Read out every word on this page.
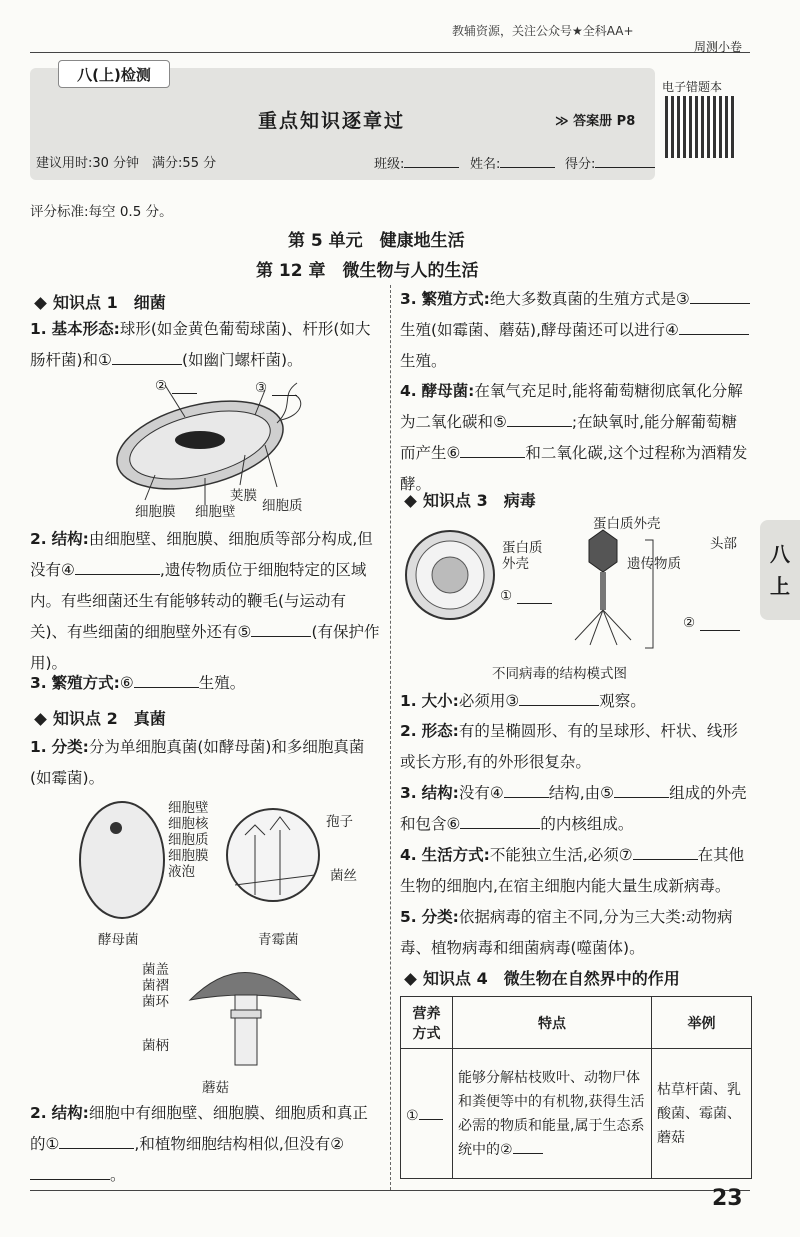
教辅资源，关注公众号★全科AA+
周测小卷
八(上)检测
重点知识逐章过	≫ 答案册 P8
电子错题本
建议用时:30 分钟　满分:55 分	班级:	姓名:	得分:
评分标准:每空 0.5 分。
第 5 单元　健康地生活
第 12 章　微生物与人的生活
知识点 1　细菌
1. 基本形态:球形(如金黄色葡萄球菌)、杆形(如大肠杆菌)和①	(如幽门螺杆菌)。
②	③
细胞膜 细胞壁
荚膜
细胞质
2. 结构:由细胞壁、细胞膜、细胞质等部分构成,但没有④	,遗传物质位于细胞特定的区域内。有些细菌还生有能够转动的鞭毛(与运动有关)、有些细菌的细胞壁外还有⑤	(有保护作用)。
3. 繁殖方式:⑥	生殖。
知识点 2　真菌
1. 分类:分为单细胞真菌(如酵母菌)和多细胞真菌(如霉菌)。
细胞壁
细胞核
细胞质
细胞膜
液泡
酵母菌
孢子
菌丝
青霉菌
菌盖
菌褶
菌环
菌柄
蘑菇
2. 结构:细胞中有细胞壁、细胞膜、细胞质和真正的①	,和植物细胞结构相似,但没有②。
3. 繁殖方式:绝大多数真菌的生殖方式是③生殖(如霉菌、蘑菇),酵母菌还可以进行④生殖。
4. 酵母菌:在氧气充足时,能将葡萄糖彻底氧化分解为二氧化碳和⑤	;在缺氧时,能分解葡萄糖而产生⑥	和二氧化碳,这个过程称为酒精发酵。
知识点 3　病毒
蛋白质
外壳
①
蛋白质外壳
遗传物质
头部
②
不同病毒的结构模式图
1. 大小:必须用③	观察。
2. 形态:有的呈椭圆形、有的呈球形、杆状、线形或长方形,有的外形很复杂。
3. 结构:没有④	结构,由⑤	组成的外壳和包含⑥	的内核组成。
4. 生活方式:不能独立生活,必须⑦	在其他生物的细胞内,在宿主细胞内能大量生成新病毒。
5. 分类:依据病毒的宿主不同,分为三大类:动物病毒、植物病毒和细菌病毒(噬菌体)。
知识点 4　微生物在自然界中的作用
营养方式	特点	举例
①	能够分解枯枝败叶、动物尸体和粪便等中的有机物,获得生活必需的物质和能量,属于生态系统中的②	枯草杆菌、乳酸菌、霉菌、蘑菇
八
上
23
